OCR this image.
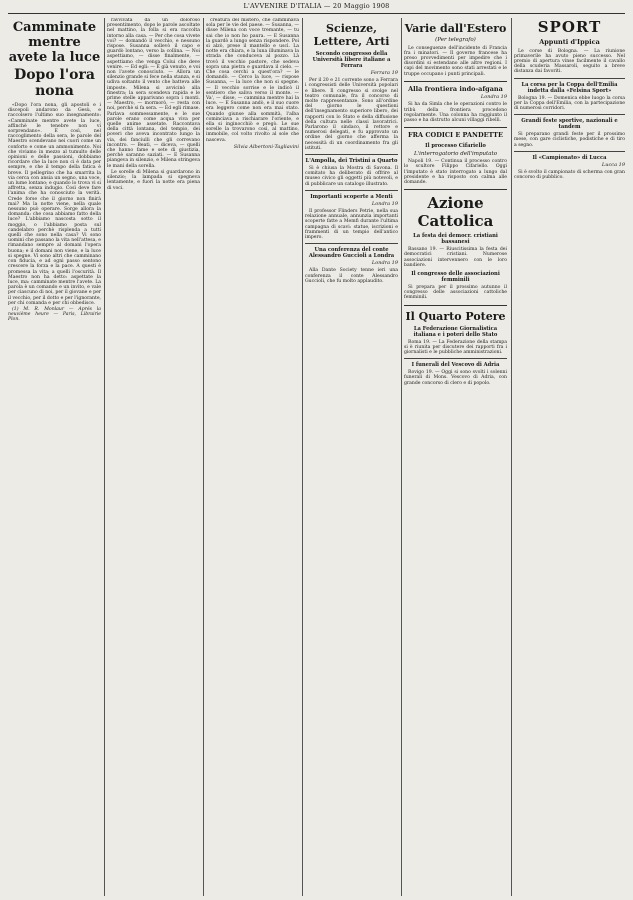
L'AVVENIRE D'ITALIA — 20 Maggio 1908
Camminate mentre avete la luce
Dopo l'ora nona

«Dopo l'ora nona, gli apostoli e i discepoli andarono da Gesù, e raccolsero l'ultimo suo insegnamento: «Camminate mentre avete la luce, affinchè le tenebre non vi sorprendano». E così, nel raccoglimento della sera, le parole del Maestro scendevano nei cuori come un conforto e come un ammonimento. Noi che viviamo in mezzo al tumulto delle opinioni e delle passioni, dobbiamo ricordare che la luce non ci è data per sempre, e che il tempo della fatica è breve. Il pellegrino che ha smarrita la via cerca con ansia un segno, una voce, un lume lontano; e quando lo trova vi si affretta, senza indugio. Così deve fare l'anima che ha conosciuto la verità. Crede forse che il giorno non finirà mai? Ma la notte viene, nella quale nessuno può operare. Sorge allora la domanda: che cosa abbiamo fatto della luce? L'abbiamo nascosta sotto il moggio, o l'abbiamo posta sul candelabro perchè risplenda a tutti quelli che sono nella casa? Vi sono uomini che passano la vita nell'attesa, e rimandano sempre al domani l'opera buona; e il domani non viene, e la luce si spegne. Vi sono altri che camminano con fiducia, e ad ogni passo sentono crescere la forza e la pace. A questi è promessa la vita; a quelli l'oscurità. Il Maestro non ha detto: aspettate la luce, ma: camminate mentre l'avete. La parola è un comando e un invito, e vale per ciascuno di noi, per il giovane e per il vecchio, per il dotto e per l'ignorante, per chi comanda e per chi obbedisce.

(1) M. R. Monlaur — Aprés la neuvième heure — Paris, Librairie Plon.

ravvivata da un doloroso presentimento, dopo le parole ascoltate nel mattino, la folla si era raccolta intorno alla casa. — Per che cosa vivete voi? — domandò il vecchio, e nessuno rispose. Susanna sollevò il capo e guardò lontano, verso la collina. — Noi aspettiamo, — disse finalmente, — aspettiamo che venga Colui che deve venire. — Ed egli: — È già venuto, e voi non l'avete conosciuto. — Allora un silenzio grande si fece nella stanza, e si udiva soltanto il vento che batteva alle imposte. Milena si avvicinò alla finestra; la sera scendeva rapida e le prime stelle apparivano sopra i monti. — Maestro, — mormorò, — resta con noi, perchè si fa sera. — Ed egli rimase. Parlava sommessamente, e le sue parole erano come acqua viva per quelle anime assetate. Raccontava della città lontana, del tempio, dei poveri che aveva incontrato lungo la via, dei fanciulli che gli correvano incontro. — Beati, — diceva, — quelli che hanno fame e sete di giustizia, perchè saranno saziati. — E Susanna piangeva in silenzio, e Milena stringeva le mani della sorella.

Le sorelle di Milena si guardarono in silenzio; la lampada si spegneva lentamente, e fuori la notte era piena di voci.

creatura del mistero, che camminava sola per le vie del paese. — Susanna, — disse Milena con voce tremante, — tu sai che io non ho paura. — E Susanna la guardò a lungo senza rispondere. Poi si alzò, prese il mantello e uscì. La notte era chiara, e la luna illuminava la strada che conduceva al pozzo. Là trovò il vecchio pastore, che sedeva sopra una pietra e guardava il cielo. — Che cosa cerchi a quest'ora? — le domandò. — Cerco la luce, — rispose Susanna, — la luce che non si spegne. — Il vecchio sorrise e le indicò il sentiero che saliva verso il monte. — Va', — disse, — cammina mentre hai la luce. — E Susanna andò, e il suo cuore era leggero come non era mai stato. Quando giunse alla sommità, l'alba cominciava a rischiarare l'oriente, e ella si inginocchiò e pregò. Le sue sorelle la trovarono così, al mattino, immobile, col volto rivolto al sole che nasceva.

Silvia Albertoni-Tagliavini
Scienze, Lettere, Arti
Secondo congresso della Università libere italiane a Ferrara
Ferrara 19

Per il 20 e 21 corrente sono a Ferrara i congressisti delle Università popolari e libere. Il congresso si svolge nel teatro comunale, fra il concorso di molte rappresentanze. Sono all'ordine del giorno le questioni dell'insegnamento superiore libero, dei rapporti con lo Stato e della diffusione della cultura nelle classi lavoratrici. Parlarono il sindaco, il rettore e numerosi delegati, e fu approvato un ordine del giorno che afferma la necessità di un coordinamento fra gli istituti.

L'Ampolla, dei Tristini a Quarto

Si è chiusa la Mostra di Savona. Il comitato ha deliberato di offrire al museo civico gli oggetti più notevoli, e di pubblicare un catalogo illustrato.

Importanti scoperte a Mentì
Londra 19

Il professor Flinders Petrie, nella sua relazione annuale, annunzia importanti scoperte fatte a Memfi durante l'ultima campagna di scavi: statue, iscrizioni e frammenti di un tempio dell'antico impero.

Una conferenza del conte Alessandro Guccioli a Londra
Londra 19

Alla Dante Society tenne ieri una conferenza il conte Alessandro Guccioli, che fu molto applaudito.

Varie dall'Estero
(Per telegrafo)

Le conseguenze dell'incidente di Francia fra i minatori. — Il governo francese ha preso provvedimenti per impedire che i disordini si estendano alle altre regioni. I capi del movimento sono stati arrestati e le truppe occupano i punti principali.

Alla frontiera indo-afgana
Londra 19

Si ha da Simla che le operazioni contro le tribù della frontiera procedono regolarmente. Una colonna ha raggiunto il passo e ha distrutto alcuni villaggi ribelli.

FRA CODICI E PANDETTE
Il processo Cifariello
L'interrogatorio dell'imputato

Napoli 19. — Continua il processo contro lo scultore Filippo Cifariello. Oggi l'imputato è stato interrogato a lungo dal presidente e ha risposto con calma alle domande.

Azione Cattolica
La festa dei democr. cristiani bassanesi

Bassano 19. — Riuscitissima la festa dei democratici cristiani. Numerose associazioni intervennero con le loro bandiere.

Il congresso delle associazioni femminili

Si prepara per il prossimo autunno il congresso delle associazioni cattoliche femminili.

Il Quarto Potere
La Federazione Giornalistica italiana e i poteri dello Stato

Roma 19. — La Federazione della stampa si è riunita per discutere dei rapporti fra i giornalisti e le pubbliche amministrazioni.

I funerali del Vescovo di Adria

Rovigo 19. — Oggi si sono svolti i solenni funerali di Mons. Vescovo di Adria, con grande concorso di clero e di popolo.

SPORT
Appunti d'Ippica

Le corse di Bologna. — La riunione primaverile ha avuto pieno successo. Nel premio di apertura vinse facilmente il cavallo della scuderia Massaroli, seguito a breve distanza dai favoriti.

La corsa per la Coppa dell'Emilia indetta dalla «Felsina Sport»

Bologna 19. — Domenica ebbe luogo la corsa per la Coppa dell'Emilia, con la partecipazione di numerosi corridori.

Grandi feste sportive, nazionali e tandem

Si preparano grandi feste per il prossimo mese, con gare ciclistiche, podistiche e di tiro a segno.

Il «Campionato» di Lucca
Lucca 19

Si è svolto il campionato di scherma con gran concorso di pubblico.
